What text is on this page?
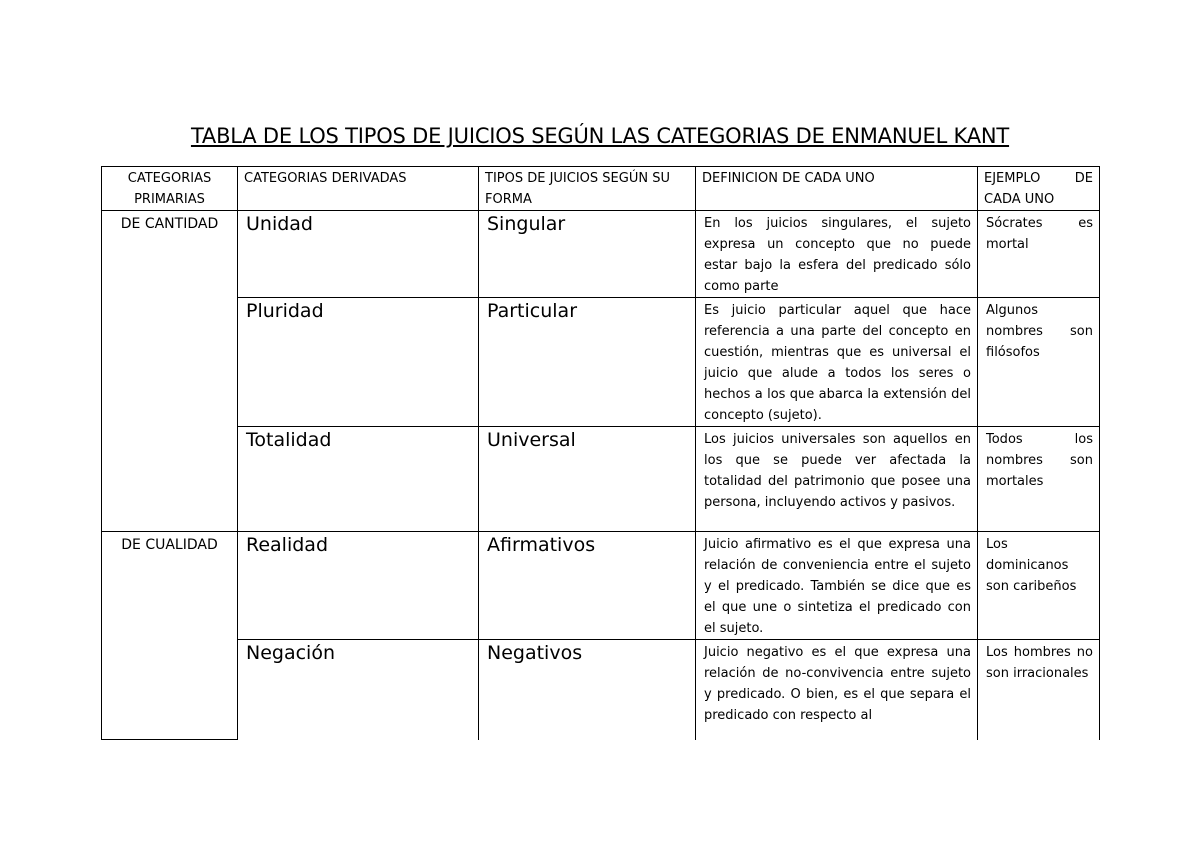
TABLA DE LOS TIPOS DE JUICIOS SEGÚN LAS CATEGORIAS DE ENMANUEL KANT
CATEGORIAS PRIMARIAS	CATEGORIAS DERIVADAS	TIPOS DE JUICIOS SEGÚN SU FORMA	DEFINICION DE CADA UNO	EJEMPLO DE CADA UNO
DE CANTIDAD	Unidad	Singular	En los juicios singulares, el sujeto expresa un concepto que no puede estar bajo la esfera del predicado sólo como parte	Sócrates es mortal
	Pluridad	Particular	Es juicio particular aquel que hace referencia a una parte del concepto en cuestión, mientras que es universal el juicio que alude a todos los seres o hechos a los que abarca la extensión del concepto (sujeto).	Algunos nombres son filósofos
	Totalidad	Universal	Los juicios universales son aquellos en los que se puede ver afectada la totalidad del patrimonio que posee una persona, incluyendo activos y pasivos.	Todos los nombres son mortales
DE CUALIDAD	Realidad	Afirmativos	Juicio afirmativo es el que expresa una relación de conveniencia entre el sujeto y el predicado. También se dice que es el que une o sintetiza el predicado con el sujeto.	Los dominicanos son caribeños
	Negación	Negativos	Juicio negativo es el que expresa una relación de no-convivencia entre sujeto y predicado. O bien, es el que separa el predicado con respecto al	Los hombres no son irracionales
